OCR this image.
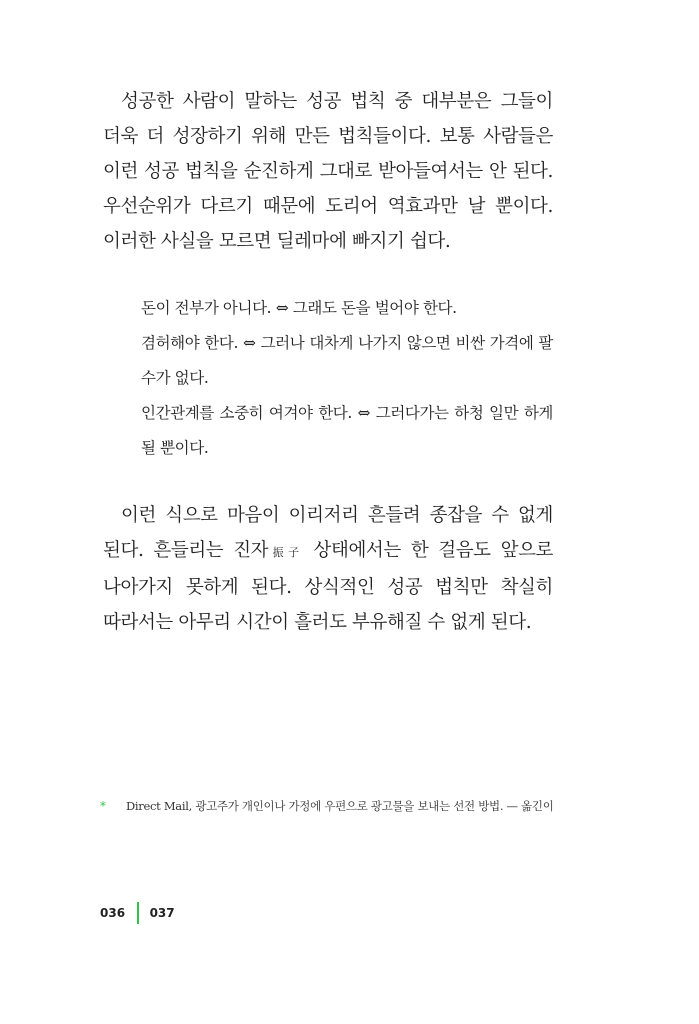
성공한 사람이 말하는 성공 법칙 중 대부분은 그들이 더욱 더 성장하기 위해 만든 법칙들이다. 보통 사람들은 이런 성공 법칙을 순진하게 그대로 받아들여서는 안 된다. 우선순위가 다르기 때문에 도리어 역효과만 날 뿐이다. 이러한 사실을 모르면 딜레마에 빠지기 쉽다.

돈이 전부가 아니다. ⇔ 그래도 돈을 벌어야 한다.
겸허해야 한다. ⇔ 그러나 대차게 나가지 않으면 비싼 가격에 팔 수가 없다.
인간관계를 소중히 여겨야 한다. ⇔ 그러다가는 하청 일만 하게 될 뿐이다.

이런 식으로 마음이 이리저리 흔들려 종잡을 수 없게 된다. 흔들리는 진자振子 상태에서는 한 걸음도 앞으로 나아가지 못하게 된다. 상식적인 성공 법칙만 착실히 따라서는 아무리 시간이 흘러도 부유해질 수 없게 된다.

* Direct Mail, 광고주가 개인이나 가정에 우편으로 광고물을 보내는 선전 방법. — 옮긴이
036 037
